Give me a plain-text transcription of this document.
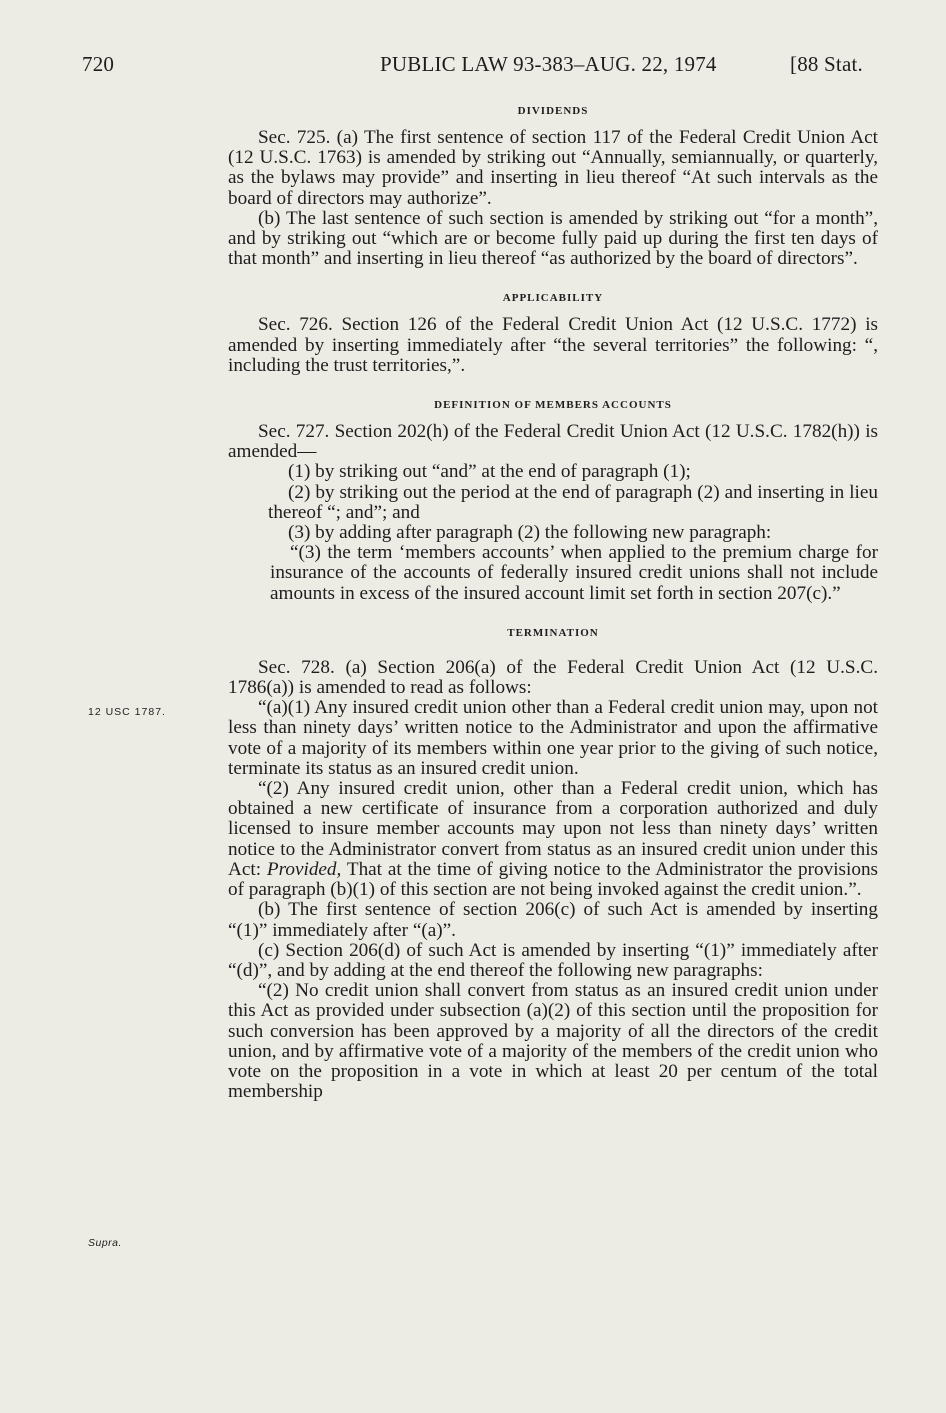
720	PUBLIC LAW 93-383–AUG. 22, 1974	[88 Stat.
12 USC 1787.
Supra.
DIVIDENDS

Sec. 725. (a) The first sentence of section 117 of the Federal Credit Union Act (12 U.S.C. 1763) is amended by striking out “Annually, semiannually, or quarterly, as the bylaws may provide” and inserting in lieu thereof “At such intervals as the board of directors may authorize”.

(b) The last sentence of such section is amended by striking out “for a month”, and by striking out “which are or become fully paid up during the first ten days of that month” and inserting in lieu thereof “as authorized by the board of directors”.

APPLICABILITY

Sec. 726. Section 126 of the Federal Credit Union Act (12 U.S.C. 1772) is amended by inserting immediately after “the several territories” the following: “, including the trust territories,”.

DEFINITION OF MEMBERS ACCOUNTS

Sec. 727. Section 202(h) of the Federal Credit Union Act (12 U.S.C. 1782(h)) is amended—

(1) by striking out “and” at the end of paragraph (1);

(2) by striking out the period at the end of paragraph (2) and inserting in lieu thereof “; and”; and

(3) by adding after paragraph (2) the following new paragraph:

“(3) the term ‘members accounts’ when applied to the premium charge for insurance of the accounts of federally insured credit unions shall not include amounts in excess of the insured account limit set forth in section 207(c).”

TERMINATION

Sec. 728. (a) Section 206(a) of the Federal Credit Union Act (12 U.S.C. 1786(a)) is amended to read as follows:

“(a)(1) Any insured credit union other than a Federal credit union may, upon not less than ninety days’ written notice to the Administrator and upon the affirmative vote of a majority of its members within one year prior to the giving of such notice, terminate its status as an insured credit union.

“(2) Any insured credit union, other than a Federal credit union, which has obtained a new certificate of insurance from a corporation authorized and duly licensed to insure member accounts may upon not less than ninety days’ written notice to the Administrator convert from status as an insured credit union under this Act: Provided, That at the time of giving notice to the Administrator the provisions of paragraph (b)(1) of this section are not being invoked against the credit union.”.

(b) The first sentence of section 206(c) of such Act is amended by inserting “(1)” immediately after “(a)”.

(c) Section 206(d) of such Act is amended by inserting “(1)” immediately after “(d)”, and by adding at the end thereof the following new paragraphs:

“(2) No credit union shall convert from status as an insured credit union under this Act as provided under subsection (a)(2) of this section until the proposition for such conversion has been approved by a majority of all the directors of the credit union, and by affirmative vote of a majority of the members of the credit union who vote on the proposition in a vote in which at least 20 per centum of the total membership
